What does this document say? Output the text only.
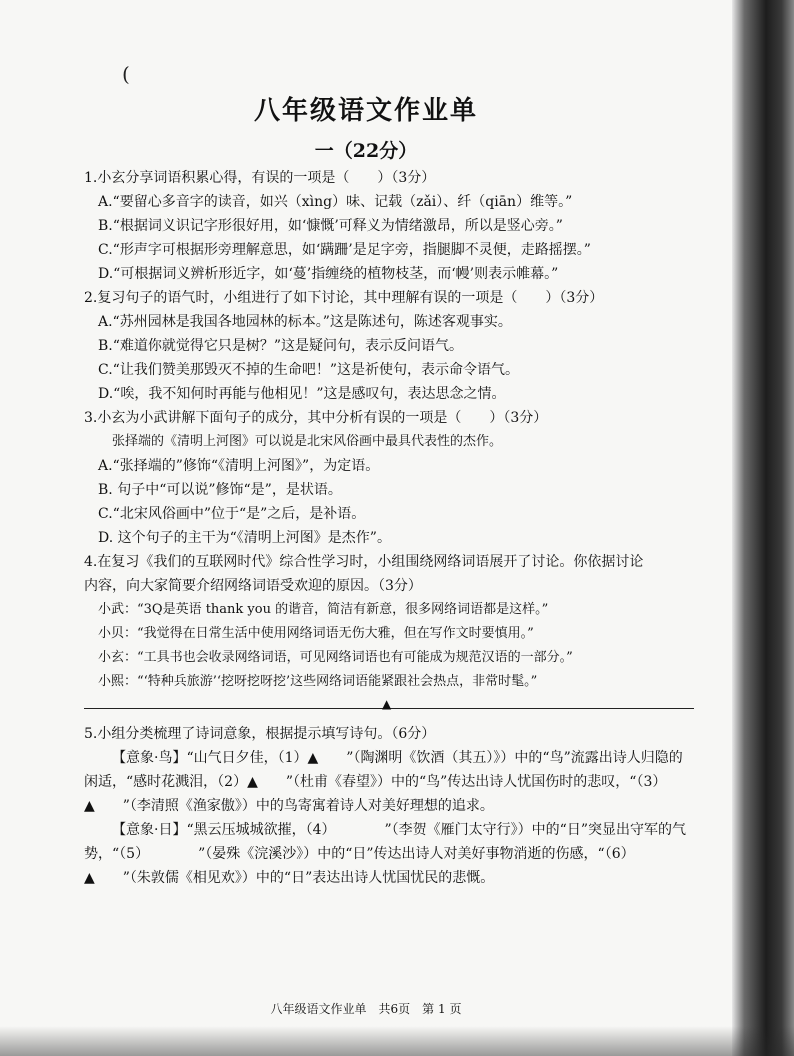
(
八年级语文作业单
一（22分）

1.小玄分享词语积累心得，有误的一项是（　　）（3分）

A.“要留心多音字的读音，如兴（xìng）味、记载（zǎi）、纤（qiān）维等。”

B.“根据词义识记字形很好用，如‘慷慨’可释义为情绪激昂，所以是竖心旁。”

C.“形声字可根据形旁理解意思，如‘蹒跚’是足字旁，指腿脚不灵便，走路摇摆。”

D.“可根据词义辨析形近字，如‘蔓’指缠绕的植物枝茎，而‘幔’则表示帷幕。”

2.复习句子的语气时，小组进行了如下讨论，其中理解有误的一项是（　　）（3分）

A.“苏州园林是我国各地园林的标本。”这是陈述句，陈述客观事实。

B.“难道你就觉得它只是树？”这是疑问句，表示反问语气。

C.“让我们赞美那毁灭不掉的生命吧！”这是祈使句，表示命令语气。

D.“唉，我不知何时再能与他相见！”这是感叹句，表达思念之情。

3.小玄为小武讲解下面句子的成分，其中分析有误的一项是（　　）（3分）

张择端的《清明上河图》可以说是北宋风俗画中最具代表性的杰作。

A.“张择端的”修饰“《清明上河图》”，为定语。

B. 句子中“可以说”修饰“是”，是状语。

C.“北宋风俗画中”位于“是”之后，是补语。

D. 这个句子的主干为“《清明上河图》是杰作”。

4.在复习《我们的互联网时代》综合性学习时，小组围绕网络词语展开了讨论。你依据讨论

内容，向大家简要介绍网络词语受欢迎的原因。（3分）

小武：“3Q是英语 thank you 的谐音，简洁有新意，很多网络词语都是这样。”

小贝：“我觉得在日常生活中使用网络词语无伤大雅，但在写作文时要慎用。”

小玄：“工具书也会收录网络词语，可见网络词语也有可能成为规范汉语的一部分。”

小熙：“‘特种兵旅游’‘挖呀挖呀挖’这些网络词语能紧跟社会热点，非常时髦。”

▲

5.小组分类梳理了诗词意象，根据提示填写诗句。（6分）

【意象·鸟】“山气日夕佳，（1）▲　　”（陶渊明《饮酒（其五）》）中的“鸟”流露出诗人归隐的闲适，“感时花溅泪，（2）▲　　”（杜甫《春望》）中的“鸟”传达出诗人忧国伤时的悲叹，“（3）▲　　”（李清照《渔家傲》）中的鸟寄寓着诗人对美好理想的追求。

【意象·日】“黑云压城城欲摧，（4）　　　　”（李贺《雁门太守行》）中的“日”突显出守军的气势，“（5）　　　　”（晏殊《浣溪沙》）中的“日”传达出诗人对美好事物消逝的伤感，“（6）▲　　”（朱敦儒《相见欢》）中的“日”表达出诗人忧国忧民的悲慨。

八年级语文作业单　共6页　第 1 页
